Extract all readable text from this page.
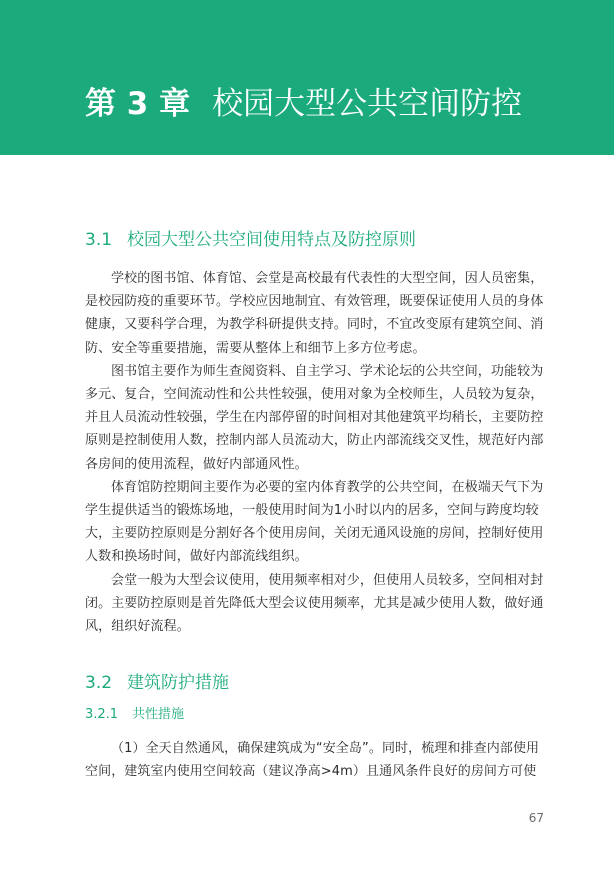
第 3 章 校园大型公共空间防控
3.1 校园大型公共空间使用特点及防控原则

学校的图书馆、体育馆、会堂是高校最有代表性的大型空间，因人员密集，
是校园防疫的重要环节。学校应因地制宜、有效管理，既要保证使用人员的身体
健康，又要科学合理，为教学科研提供支持。同时，不宜改变原有建筑空间、消
防、安全等重要措施，需要从整体上和细节上多方位考虑。

图书馆主要作为师生查阅资料、自主学习、学术论坛的公共空间，功能较为
多元、复合，空间流动性和公共性较强，使用对象为全校师生，人员较为复杂，
并且人员流动性较强，学生在内部停留的时间相对其他建筑平均稍长，主要防控
原则是控制使用人数，控制内部人员流动大，防止内部流线交叉性，规范好内部
各房间的使用流程，做好内部通风性。

体育馆防控期间主要作为必要的室内体育教学的公共空间，在极端天气下为
学生提供适当的锻炼场地，一般使用时间为1小时以内的居多，空间与跨度均较
大，主要防控原则是分割好各个使用房间，关闭无通风设施的房间，控制好使用
人数和换场时间，做好内部流线组织。

会堂一般为大型会议使用，使用频率相对少，但使用人员较多，空间相对封
闭。主要防控原则是首先降低大型会议使用频率，尤其是减少使用人数，做好通
风，组织好流程。

3.2 建筑防护措施
3.2.1 共性措施

（1）全天自然通风，确保建筑成为“安全岛”。同时，梳理和排查内部使用
空间，建筑室内使用空间较高（建议净高>4m）且通风条件良好的房间方可使

67
